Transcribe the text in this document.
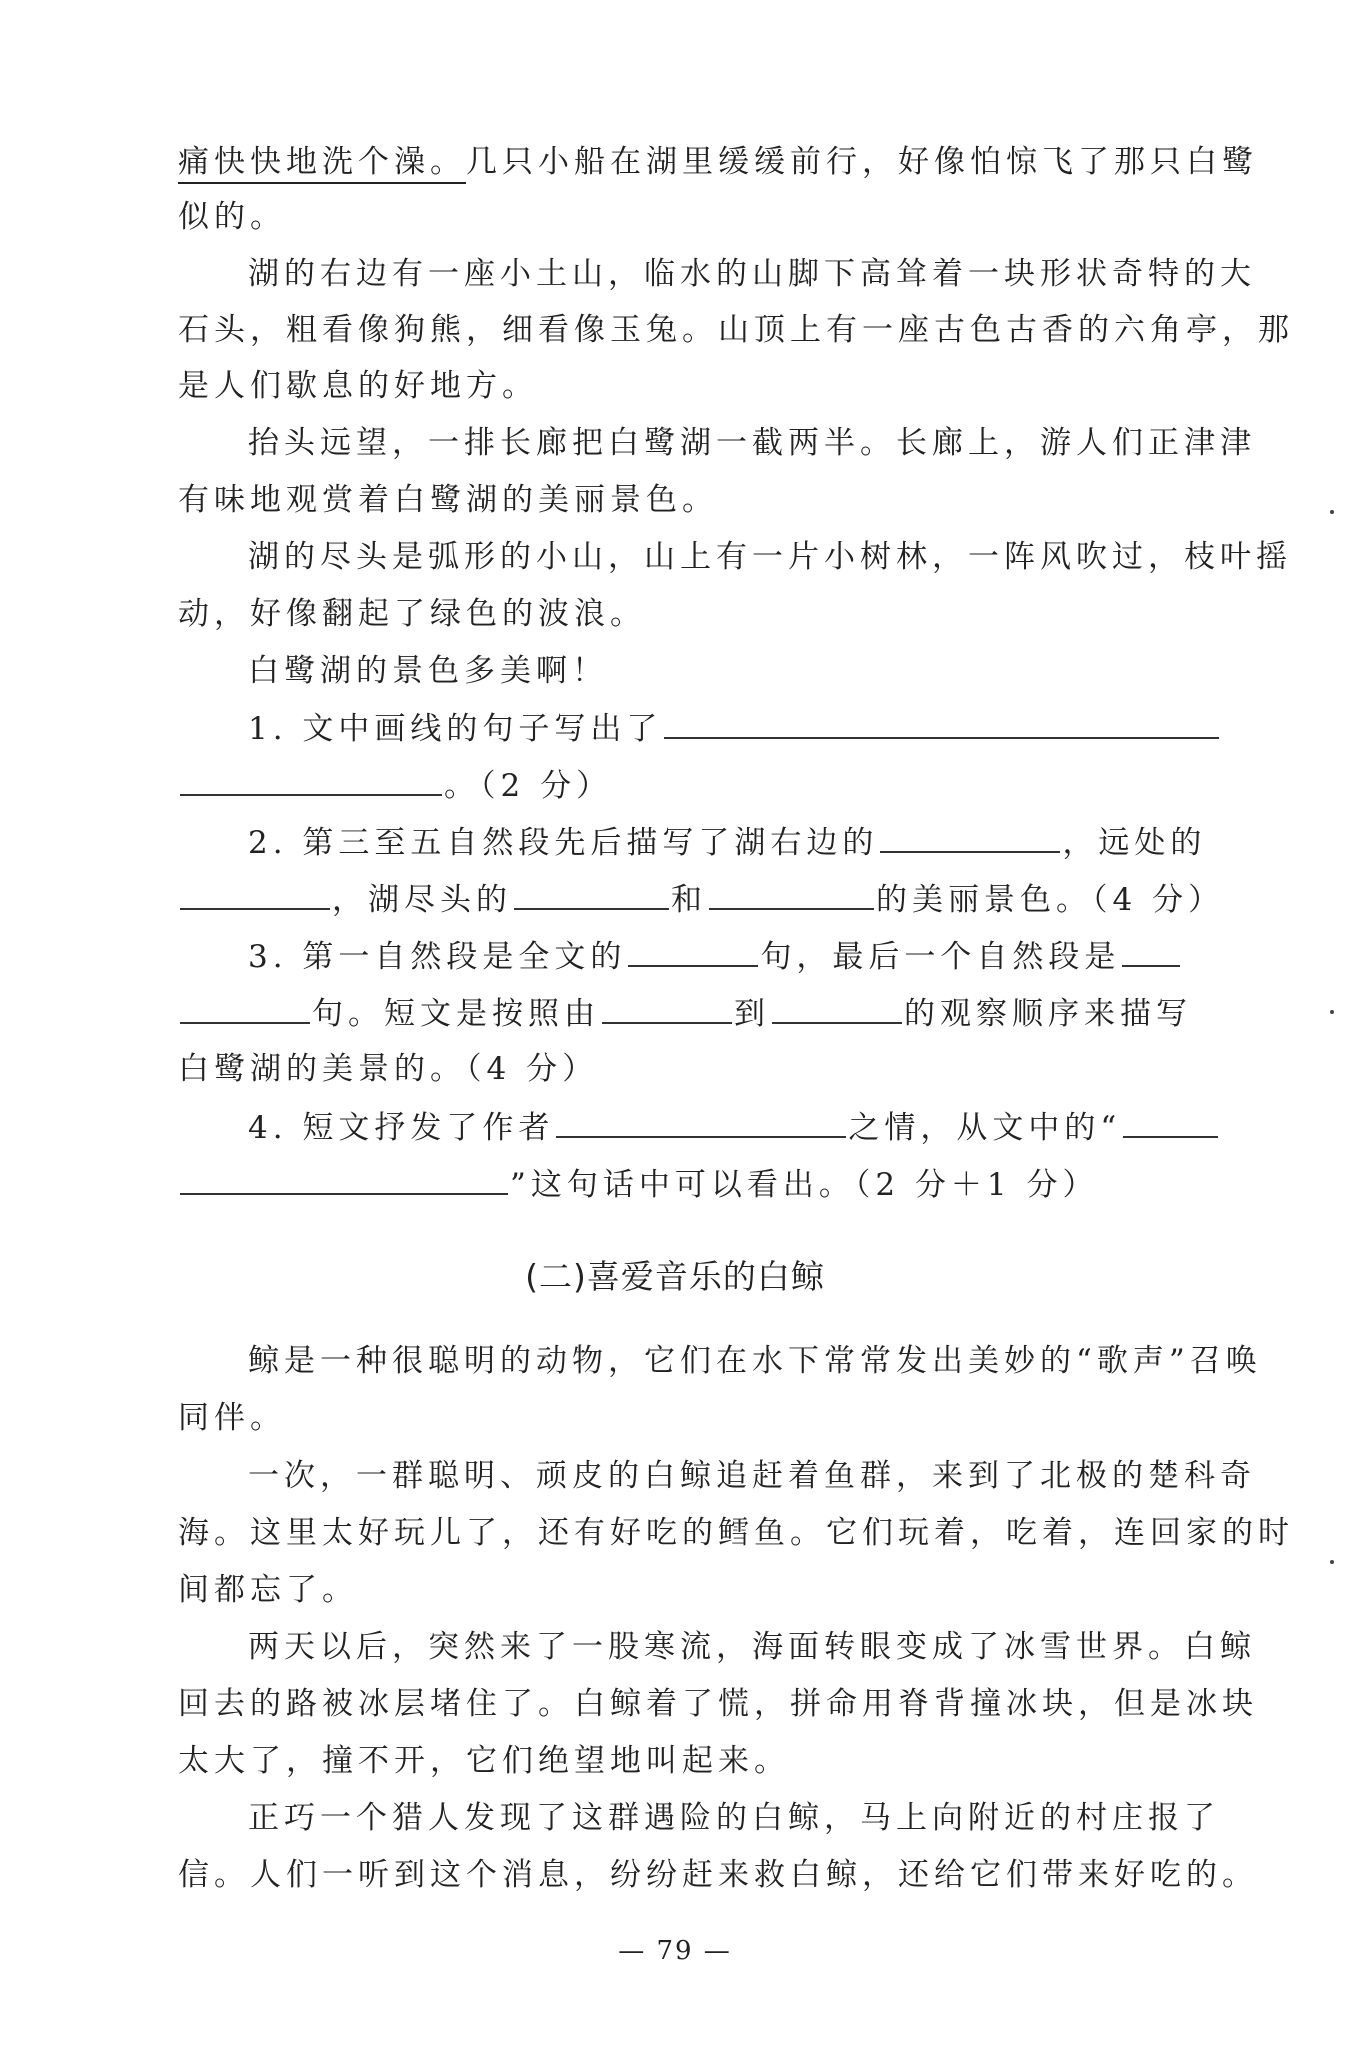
痛快快地洗个澡。几只小船在湖里缓缓前行，好像怕惊飞了那只白鹭
似的。
湖的右边有一座小土山，临水的山脚下高耸着一块形状奇特的大
石头，粗看像狗熊，细看像玉兔。山顶上有一座古色古香的六角亭，那
是人们歇息的好地方。
抬头远望，一排长廊把白鹭湖一截两半。长廊上，游人们正津津
有味地观赏着白鹭湖的美丽景色。
湖的尽头是弧形的小山，山上有一片小树林，一阵风吹过，枝叶摇
动，好像翻起了绿色的波浪。
白鹭湖的景色多美啊！
1. 文中画线的句子写出了
。（2 分）
2. 第三至五自然段先后描写了湖右边的	，远处的
，湖尽头的	和	的美丽景色。（4 分）
3. 第一自然段是全文的	句，最后一个自然段是
句。短文是按照由	到	的观察顺序来描写
白鹭湖的美景的。（4 分）
4. 短文抒发了作者	之情，从文中的“
”这句话中可以看出。（2 分＋1 分）
(二)喜爱音乐的白鲸
鲸是一种很聪明的动物，它们在水下常常发出美妙的“歌声”召唤
同伴。
一次，一群聪明、顽皮的白鲸追赶着鱼群，来到了北极的楚科奇
海。这里太好玩儿了，还有好吃的鳕鱼。它们玩着，吃着，连回家的时
间都忘了。
两天以后，突然来了一股寒流，海面转眼变成了冰雪世界。白鲸
回去的路被冰层堵住了。白鲸着了慌，拼命用脊背撞冰块，但是冰块
太大了，撞不开，它们绝望地叫起来。
正巧一个猎人发现了这群遇险的白鲸，马上向附近的村庄报了
信。人们一听到这个消息，纷纷赶来救白鲸，还给它们带来好吃的。
— 79 —
